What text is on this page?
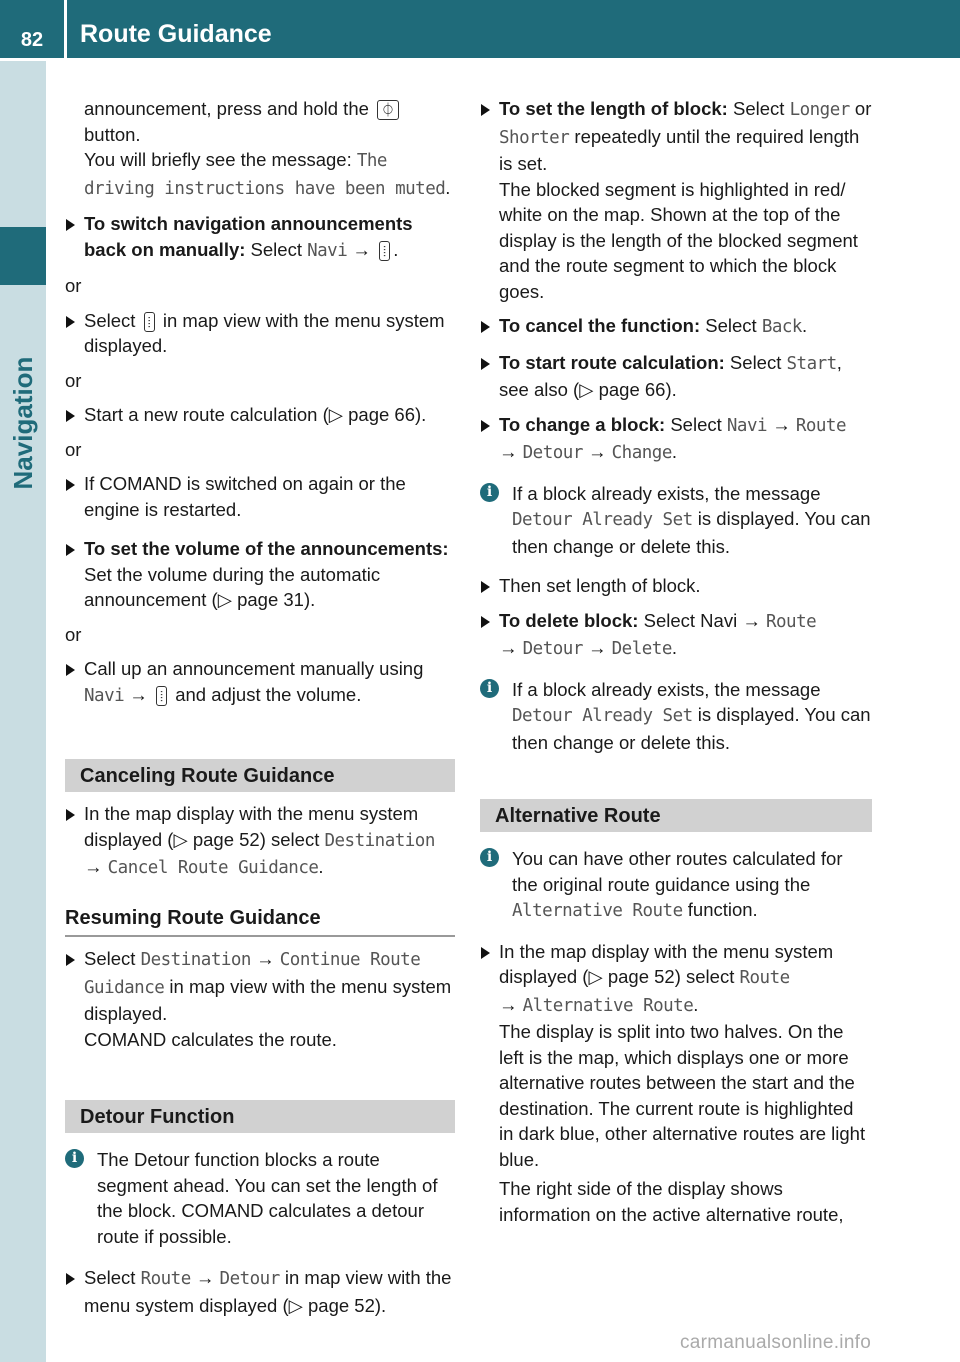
82	Route Guidance
Navigation
announcement, press and hold the ⏀
button.
You will briefly see the message: The driving instructions have been muted.
To switch navigation announcements back on manually: Select Navi → ⦙ .
or
Select ⦙ in map view with the menu system displayed.
or
Start a new route calculation (▷ page 66).
or
If COMAND is switched on again or the engine is restarted.
To set the volume of the announcements: Set the volume during the automatic announcement (▷ page 31).
or
Call up an announcement manually using
Navi → ⦙ and adjust the volume.
Canceling Route Guidance
In the map display with the menu system displayed (▷ page 52) select Destination
→ Cancel Route Guidance.
Resuming Route Guidance
Select Destination → Continue Route Guidance in map view with the menu system displayed.
COMAND calculates the route.
Detour Function
i	The Detour function blocks a route segment ahead. You can set the length of the block. COMAND calculates a detour route if possible.
Select Route → Detour in map view with the menu system displayed (▷ page 52).
To set the length of block: Select Longer or Shorter repeatedly until the required length is set.
The blocked segment is highlighted in red/ white on the map. Shown at the top of the display is the length of the blocked segment and the route segment to which the block goes.
To cancel the function: Select Back.
To start route calculation: Select Start, see also (▷ page 66).
To change a block: Select Navi → Route
→ Detour → Change.
i	If a block already exists, the message Detour Already Set is displayed. You can then change or delete this.
Then set length of block.
To delete block: Select Navi → Route
→ Detour → Delete.
i	If a block already exists, the message Detour Already Set is displayed. You can then change or delete this.
Alternative Route
i	You can have other routes calculated for the original route guidance using the Alternative Route function.
In the map display with the menu system displayed (▷ page 52) select Route
→ Alternative Route.
The display is split into two halves. On the left is the map, which displays one or more alternative routes between the start and the destination. The current route is highlighted in dark blue, other alternative routes are light blue.
The right side of the display shows information on the active alternative route,
carmanualsonline.info
